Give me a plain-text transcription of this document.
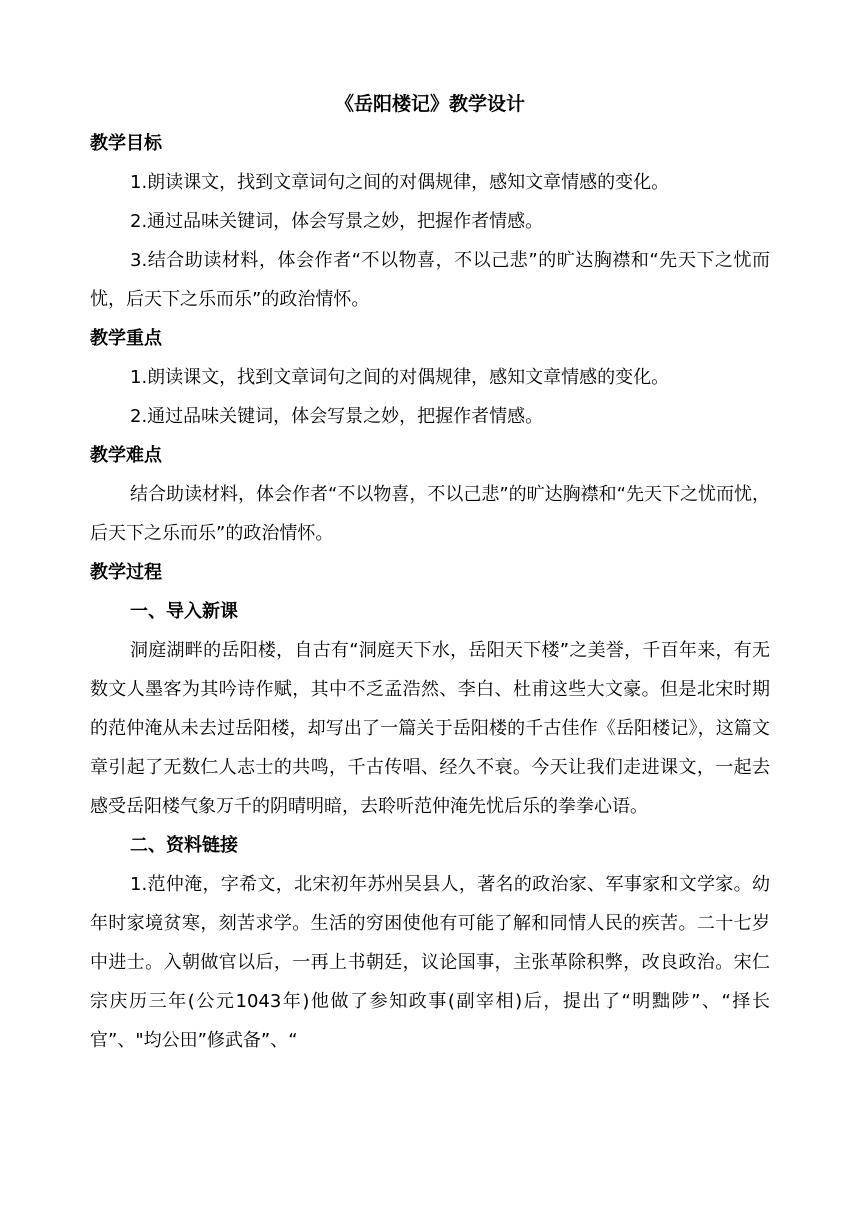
《岳阳楼记》教学设计

教学目标

1.朗读课文，找到文章词句之间的对偶规律，感知文章情感的变化。

2.通过品味关键词，体会写景之妙，把握作者情感。

3.结合助读材料，体会作者“不以物喜，不以己悲”的旷达胸襟和“先天下之忧而忧，后天下之乐而乐”的政治情怀。

教学重点

1.朗读课文，找到文章词句之间的对偶规律，感知文章情感的变化。

2.通过品味关键词，体会写景之妙，把握作者情感。

教学难点

结合助读材料，体会作者“不以物喜，不以己悲”的旷达胸襟和“先天下之忧而忧，后天下之乐而乐”的政治情怀。

教学过程

一、导入新课

洞庭湖畔的岳阳楼，自古有“洞庭天下水，岳阳天下楼”之美誉，千百年来，有无数文人墨客为其吟诗作赋，其中不乏孟浩然、李白、杜甫这些大文豪。但是北宋时期的范仲淹从未去过岳阳楼，却写出了一篇关于岳阳楼的千古佳作《岳阳楼记》，这篇文章引起了无数仁人志士的共鸣，千古传唱、经久不衰。今天让我们走进课文，一起去感受岳阳楼气象万千的阴晴明暗，去聆听范仲淹先忧后乐的拳拳心语。

二、资料链接

1.范仲淹，字希文，北宋初年苏州吴县人，著名的政治家、军事家和文学家。幼年时家境贫寒，刻苦求学。生活的穷困使他有可能了解和同情人民的疾苦。二十七岁中进士。入朝做官以后，一再上书朝廷，议论国事，主张革除积弊，改良政治。宋仁宗庆历三年(公元1043年)他做了参知政事(副宰相)后，提出了“明黜陟”、“择长官”、"均公田”修武备”、“
